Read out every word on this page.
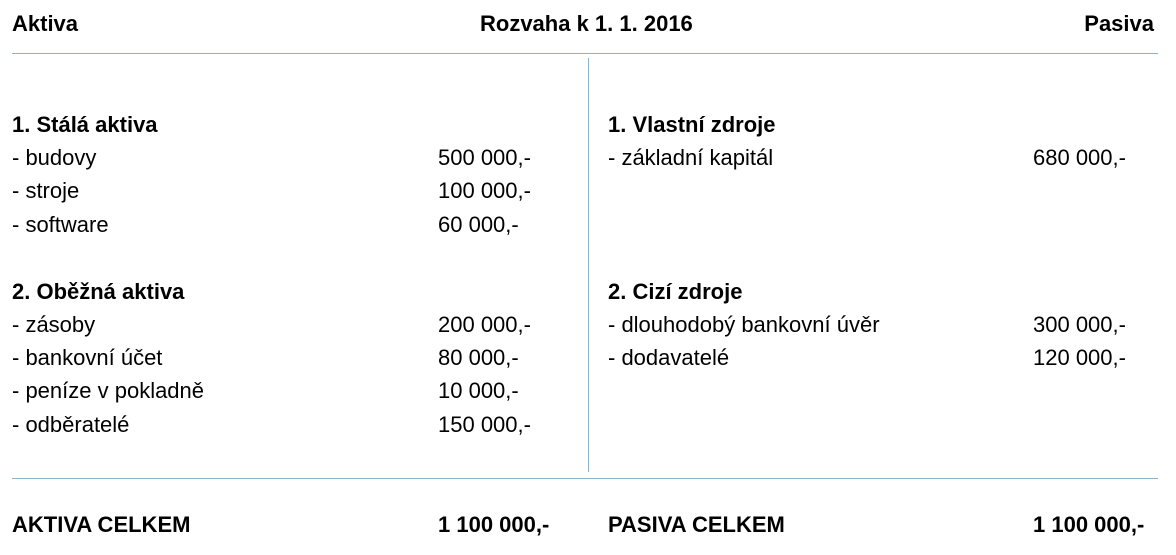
Aktiva	Rozvaha k 1. 1. 2016	Pasiva
1. Stálá aktiva
- budovy	500 000,-
- stroje	100 000,-
- software	60 000,-
2. Oběžná aktiva
- zásoby	200 000,-
- bankovní účet	80 000,-
- peníze v pokladně	10 000,-
- odběratelé	150 000,-
AKTIVA CELKEM	1 100 000,-
1. Vlastní zdroje
- základní kapitál	680 000,-
2. Cizí zdroje
- dlouhodobý bankovní úvěr	300 000,-
- dodavatelé	120 000,-
PASIVA CELKEM	1 100 000,-
